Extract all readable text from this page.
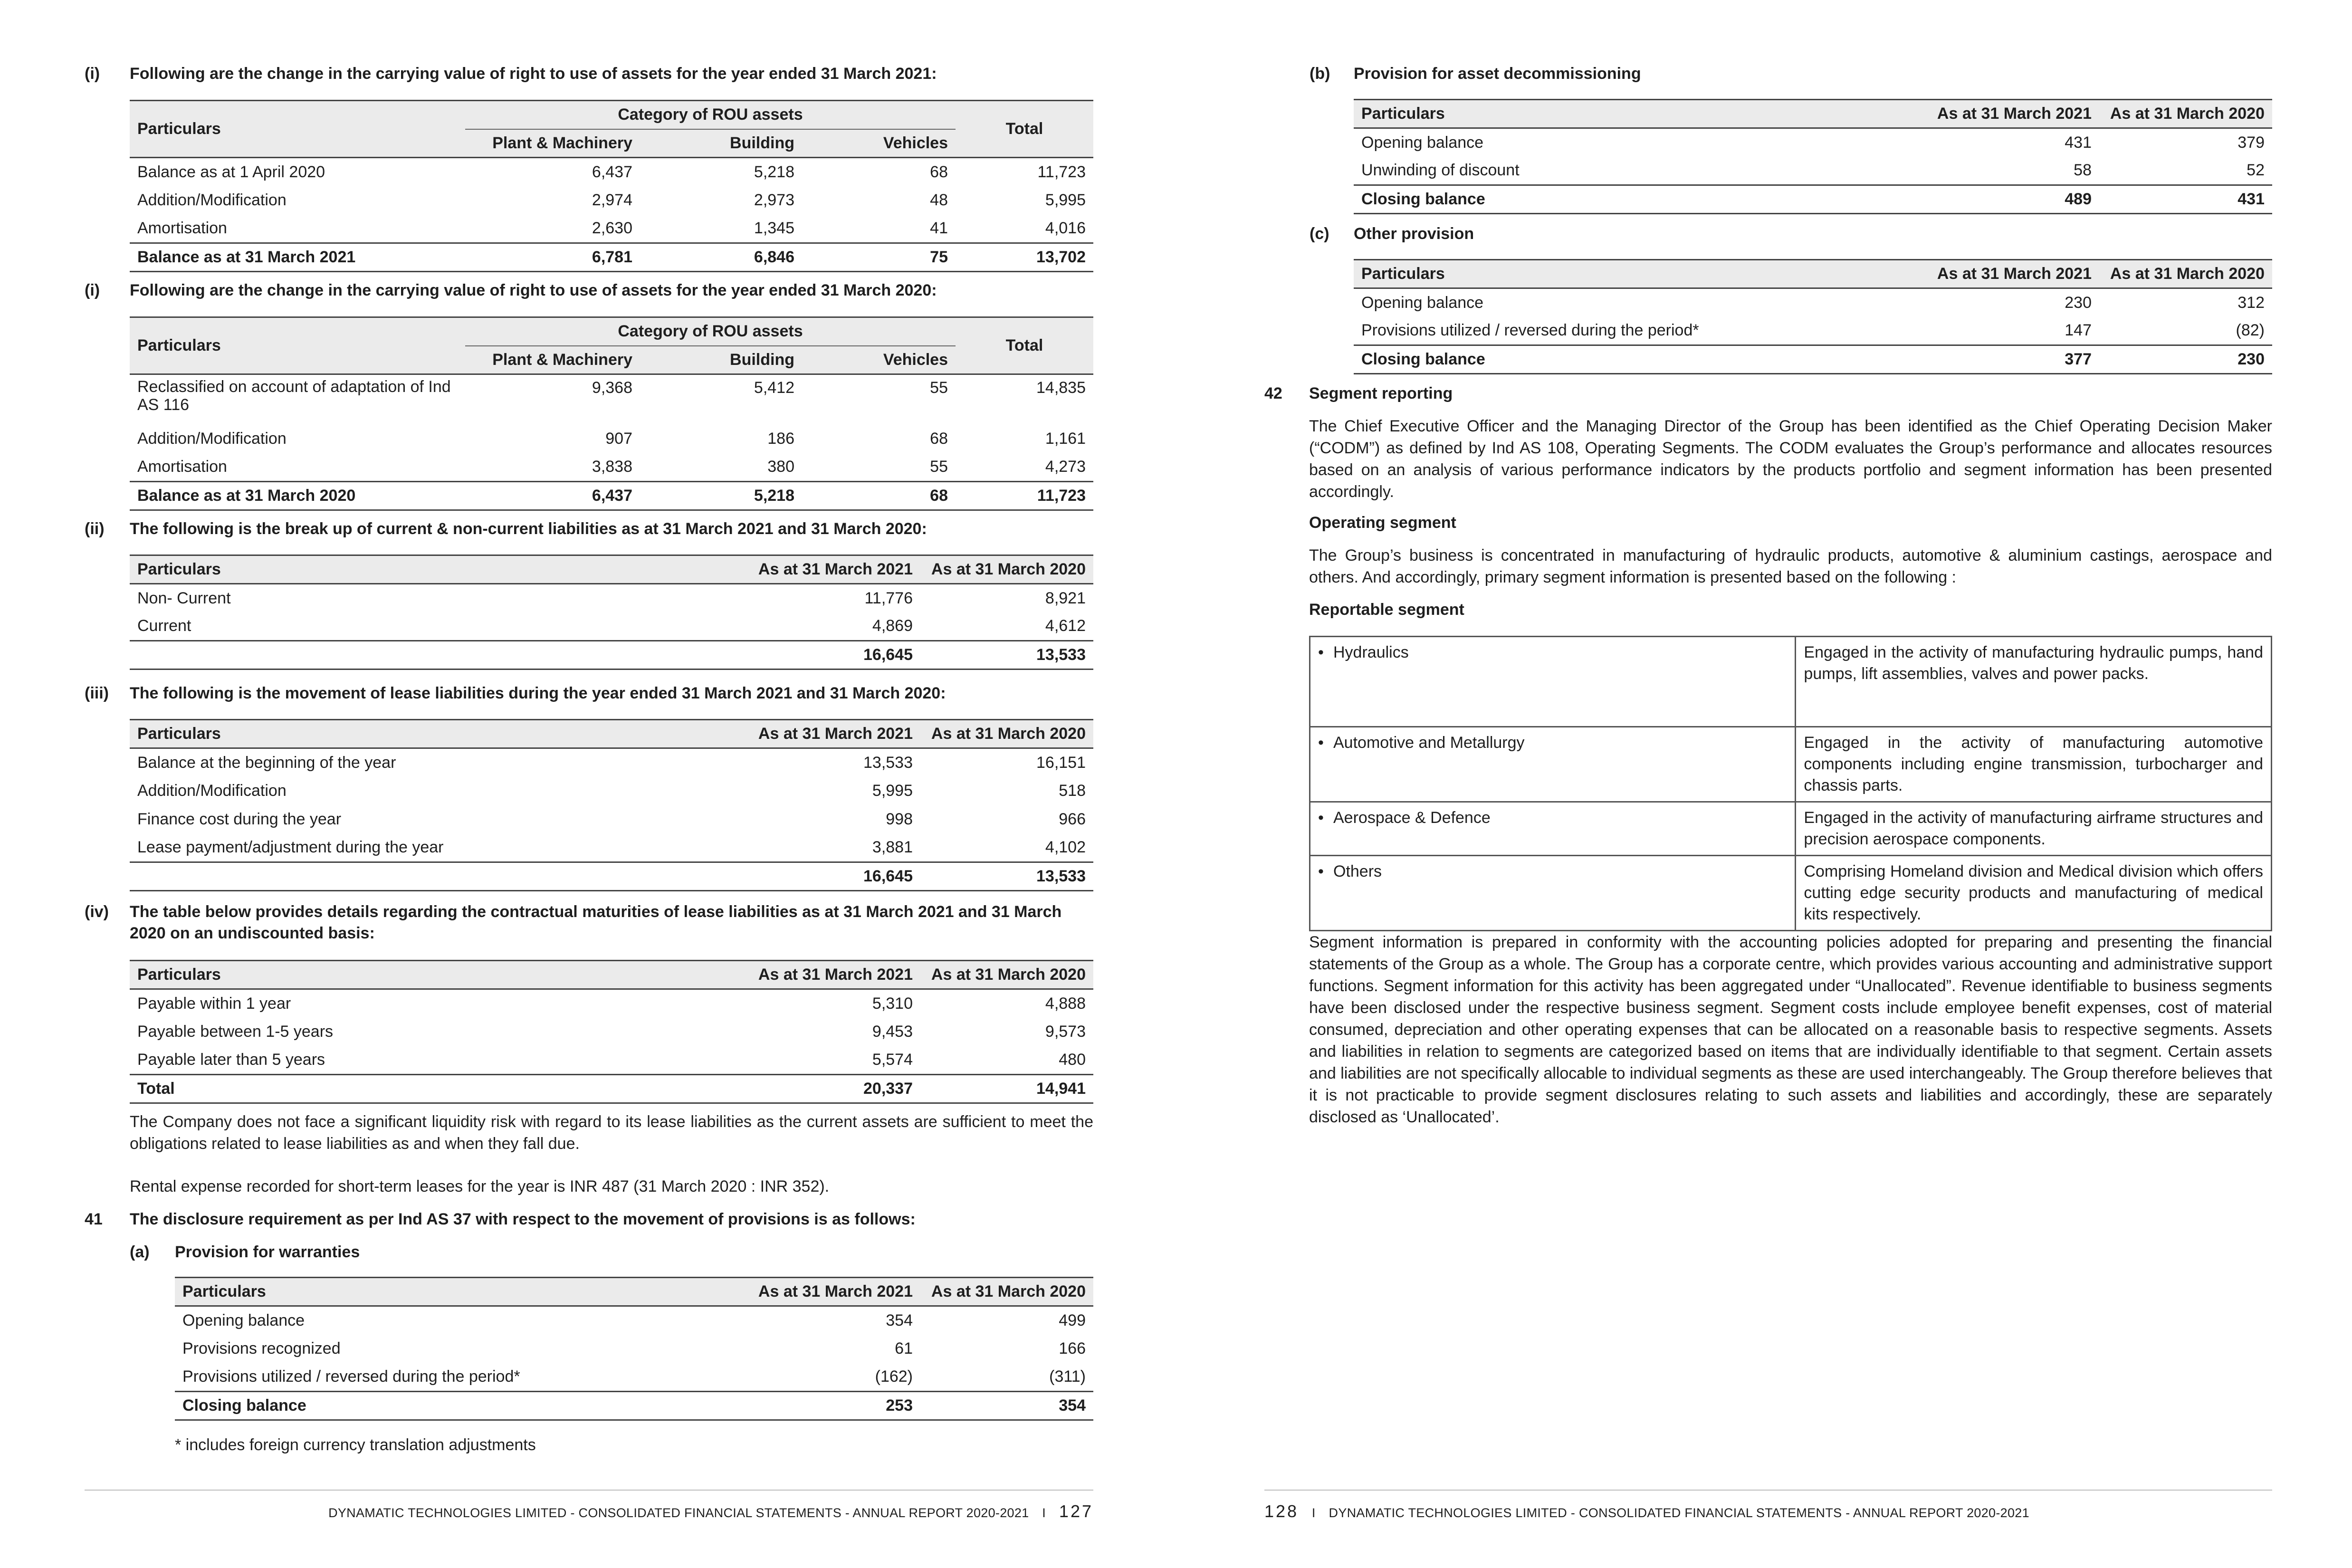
(i)	Following are the change in the carrying value of right to use of assets for the year ended 31 March 2021:
Particulars	Category of ROU assets			Total
	Plant & Machinery	Building	Vehicles	
Balance as at 1 April 2020	6,437	5,218	68	11,723
Addition/Modification	2,974	2,973	48	5,995
Amortisation	2,630	1,345	41	4,016
Balance as at 31 March 2021	6,781	6,846	75	13,702
(i)	Following are the change in the carrying value of right to use of assets for the year ended 31 March 2020:
Particulars	Category of ROU assets			Total
	Plant & Machinery	Building	Vehicles	
Reclassified on account of adaptation of Ind AS 116	9,368	5,412	55	14,835
Addition/Modification	907	186	68	1,161
Amortisation	3,838	380	55	4,273
Balance as at 31 March 2020	6,437	5,218	68	11,723
(ii)	The following is the break up of current & non-current liabilities as at 31 March 2021 and 31 March 2020:
Particulars	As at 31 March 2021	As at 31 March 2020
Non- Current	11,776	8,921
Current	4,869	4,612
	16,645	13,533
(iii)	The following is the movement of lease liabilities during the year ended 31 March 2021 and 31 March 2020:
Particulars	As at 31 March 2021	As at 31 March 2020
Balance at the beginning of the year	13,533	16,151
Addition/Modification	5,995	518
Finance cost during the year	998	966
Lease payment/adjustment during the year	3,881	4,102
	16,645	13,533
(iv)	The table below provides details regarding the contractual maturities of lease liabilities as at 31 March 2021 and 31 March 2020 on an undiscounted basis:
Particulars	As at 31 March 2021	As at 31 March 2020
Payable within 1 year	5,310	4,888
Payable between 1-5 years	9,453	9,573
Payable later than 5 years	5,574	480
Total	20,337	14,941
The Company does not face a significant liquidity risk with regard to its lease liabilities as the current assets are sufficient to meet the obligations related to lease liabilities as and when they fall due.
Rental expense recorded for short-term leases for the year is INR 487 (31 March 2020 : INR 352).
41	The disclosure requirement as per Ind AS 37 with respect to the movement of provisions is as follows:
(a)	Provision for warranties
Particulars	As at 31 March 2021	As at 31 March 2020
Opening balance	354	499
Provisions recognized	61	166
Provisions utilized / reversed during the period*	(162)	(311)
Closing balance	253	354
* includes foreign currency translation adjustments
DYNAMATIC TECHNOLOGIES LIMITED - CONSOLIDATED FINANCIAL STATEMENTS - ANNUAL REPORT 2020-2021 I 127
(b)	Provision for asset decommissioning
Particulars	As at 31 March 2021	As at 31 March 2020
Opening balance	431	379
Unwinding of discount	58	52
Closing balance	489	431
(c)	Other provision
Particulars	As at 31 March 2021	As at 31 March 2020
Opening balance	230	312
Provisions utilized / reversed during the period*	147	(82)
Closing balance	377	230
42	Segment reporting
The Chief Executive Officer and the Managing Director of the Group has been identified as the Chief Operating Decision Maker (“CODM”) as defined by Ind AS 108, Operating Segments. The CODM evaluates the Group’s performance and allocates resources based on an analysis of various performance indicators by the products portfolio and segment information has been presented accordingly.
Operating segment
The Group’s business is concentrated in manufacturing of hydraulic products, automotive & aluminium castings, aerospace and others. And accordingly, primary segment information is presented based on the following :
Reportable segment
• Hydraulics	Engaged in the activity of manufacturing hydraulic pumps, hand pumps, lift assemblies, valves and power packs.
• Automotive and Metallurgy	Engaged in the activity of manufacturing automotive components including engine transmission, turbocharger and chassis parts.
• Aerospace & Defence	Engaged in the activity of manufacturing airframe structures and precision aerospace components.
• Others	Comprising Homeland division and Medical division which offers cutting edge security products and manufacturing of medical kits respectively.
Segment information is prepared in conformity with the accounting policies adopted for preparing and presenting the financial statements of the Group as a whole. The Group has a corporate centre, which provides various accounting and administrative support functions. Segment information for this activity has been aggregated under “Unallocated”. Revenue identifiable to business segments have been disclosed under the respective business segment. Segment costs include employee benefit expenses, cost of material consumed, depreciation and other operating expenses that can be allocated on a reasonable basis to respective segments. Assets and liabilities in relation to segments are categorized based on items that are individually identifiable to that segment. Certain assets and liabilities are not specifically allocable to individual segments as these are used interchangeably. The Group therefore believes that it is not practicable to provide segment disclosures relating to such assets and liabilities and accordingly, these are separately disclosed as ‘Unallocated’.
128 I DYNAMATIC TECHNOLOGIES LIMITED - CONSOLIDATED FINANCIAL STATEMENTS - ANNUAL REPORT 2020-2021
